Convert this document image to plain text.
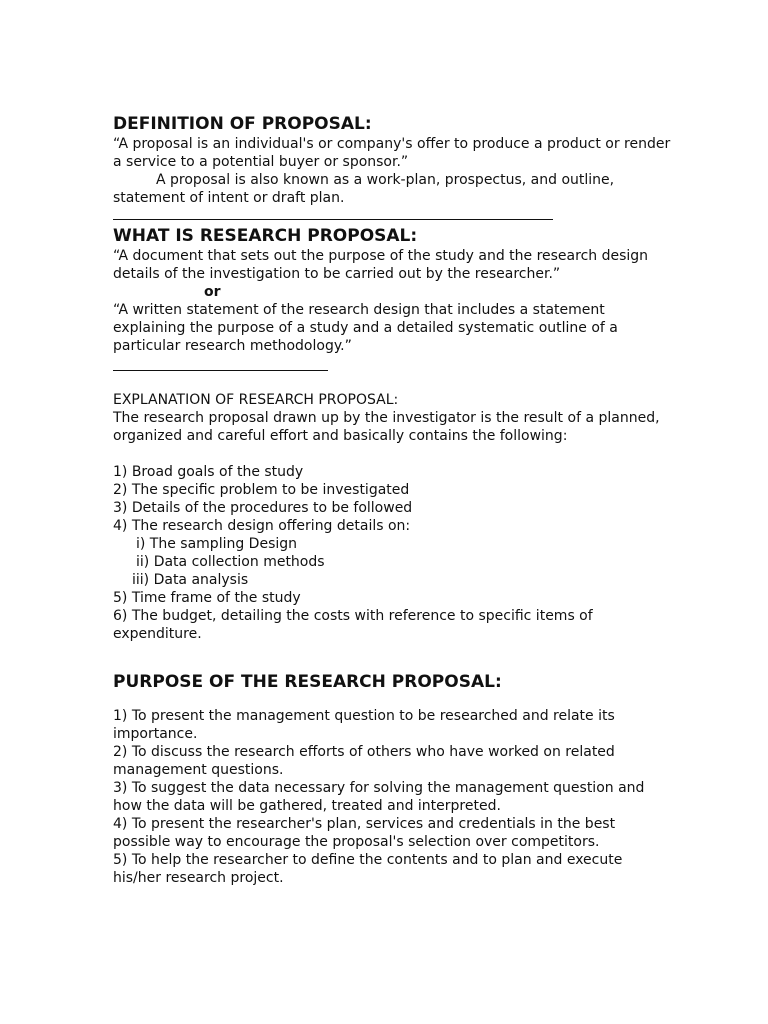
DEFINITION OF PROPOSAL:

“A proposal is an individual's or company's offer to produce a product or render a service to a potential buyer or sponsor.”

A proposal is also known as a work-plan, prospectus, and outline, statement of intent or draft plan.

WHAT IS RESEARCH PROPOSAL:

“A document that sets out the purpose of the study and the research design details of the investigation to be carried out by the researcher.”

or

“A written statement of the research design that includes a statement explaining the purpose of a study and a detailed systematic outline of a particular research methodology.”

EXPLANATION OF RESEARCH PROPOSAL:

The research proposal drawn up by the investigator is the result of a planned, organized and careful effort and basically contains the following:

1) Broad goals of the study
2) The specific problem to be investigated
3) Details of the procedures to be followed
4) The research design offering details on:
i) The sampling Design
ii) Data collection methods
iii) Data analysis
5) Time frame of the study
6) The budget, detailing the costs with reference to specific items of expenditure.
PURPOSE OF THE RESEARCH PROPOSAL:
1) To present the management question to be researched and relate its importance.
2) To discuss the research efforts of others who have worked on related management questions.
3) To suggest the data necessary for solving the management question and how the data will be gathered, treated and interpreted.
4) To present the researcher's plan, services and credentials in the best possible way to encourage the proposal's selection over competitors.
5) To help the researcher to define the contents and to plan and execute his/her research project.
